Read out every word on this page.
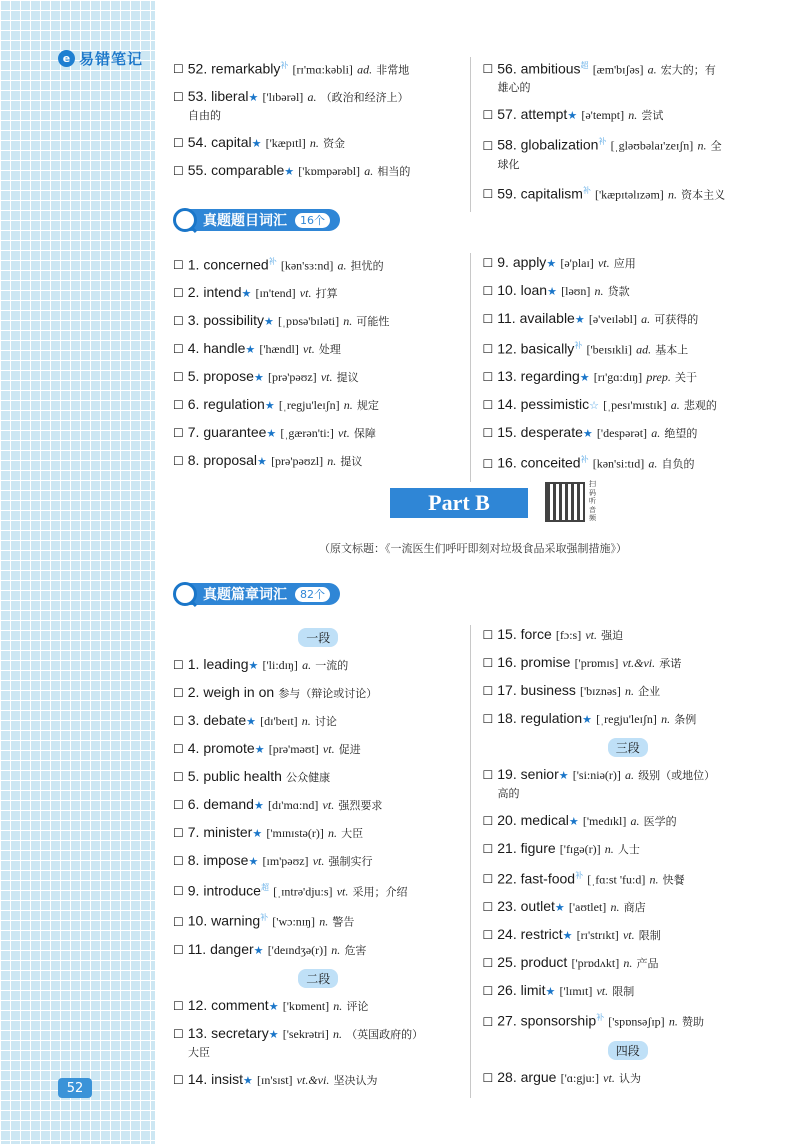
e 易错笔记
52
☐ 52. remarkably$^补$ [rɪ'mɑ:kəbli] ad. 非常地
☐ 53. liberal★ ['lɪbərəl] a. （政治和经济上）
自由的
☐ 54. capital★ ['kæpɪtl] n. 资金
☐ 55. comparable★ ['kɒmpərəbl] a. 相当的
☐ 56. ambitious$^超$ [æm'bɪʃəs] a. 宏大的；有
雄心的
☐ 57. attempt★ [ə'tempt] n. 尝试
☐ 58. globalization$^补$ [ˌgləʊbəlaɪ'zeɪʃn] n. 全
球化
☐ 59. capitalism$^补$ ['kæpɪtəlɪzəm] n. 资本主义
真题题目词汇	16个
☐ 1. concerned$^补$ [kən'sɜ:nd] a. 担忧的
☐ 2. intend★ [ɪn'tend] vt. 打算
☐ 3. possibility★ [ˌpɒsə'bɪləti] n. 可能性
☐ 4. handle★ ['hændl] vt. 处理
☐ 5. propose★ [prə'pəʊz] vt. 提议
☐ 6. regulation★ [ˌregju'leɪʃn] n. 规定
☐ 7. guarantee★ [ˌgærən'ti:] vt. 保障
☐ 8. proposal★ [prə'pəʊzl] n. 提议
☐ 9. apply★ [ə'plaɪ] vt. 应用
☐ 10. loan★ [ləʊn] n. 贷款
☐ 11. available★ [ə'veɪləbl] a. 可获得的
☐ 12. basically$^补$ ['beɪsɪkli] ad. 基本上
☐ 13. regarding★ [rɪ'gɑ:dɪŋ] prep. 关于
☐ 14. pessimistic☆ [ˌpesɪ'mɪstɪk] a. 悲观的
☐ 15. desperate★ ['despərət] a. 绝望的
☐ 16. conceited$^补$ [kən'si:tɪd] a. 自负的
Part B
扫码听音频
（原文标题：《一流医生们呼吁即刻对垃圾食品采取强制措施》）
真题篇章词汇	82个
一段
☐ 1. leading★ ['li:dɪŋ] a. 一流的
☐ 2. weigh in on 参与（辩论或讨论）
☐ 3. debate★ [dɪ'beɪt] n. 讨论
☐ 4. promote★ [prə'məʊt] vt. 促进
☐ 5. public health 公众健康
☐ 6. demand★ [dɪ'mɑ:nd] vt. 强烈要求
☐ 7. minister★ ['mɪnɪstə(r)] n. 大臣
☐ 8. impose★ [ɪm'pəʊz] vt. 强制实行
☐ 9. introduce$^超$ [ˌɪntrə'dju:s] vt. 采用；介绍
☐ 10. warning$^补$ ['wɔ:nɪŋ] n. 警告
☐ 11. danger★ ['deɪndʒə(r)] n. 危害
二段
☐ 12. comment★ ['kɒment] n. 评论
☐ 13. secretary★ ['sekrətri] n. （英国政府的）
大臣
☐ 14. insist★ [ɪn'sɪst] vt.&vi. 坚决认为
☐ 15. force [fɔ:s] vt. 强迫
☐ 16. promise ['prɒmɪs] vt.&vi. 承诺
☐ 17. business ['bɪznəs] n. 企业
☐ 18. regulation★ [ˌregju'leɪʃn] n. 条例
三段
☐ 19. senior★ ['si:niə(r)] a. 级别（或地位）
高的
☐ 20. medical★ ['medɪkl] a. 医学的
☐ 21. figure ['fɪgə(r)] n. 人士
☐ 22. fast-food$^补$ [ˌfɑ:st 'fu:d] n. 快餐
☐ 23. outlet★ ['aʊtlet] n. 商店
☐ 24. restrict★ [rɪ'strɪkt] vt. 限制
☐ 25. product ['prɒdʌkt] n. 产品
☐ 26. limit★ ['lɪmɪt] vt. 限制
☐ 27. sponsorship$^补$ ['spɒnsəʃɪp] n. 赞助
四段
☐ 28. argue ['ɑ:gju:] vt. 认为
